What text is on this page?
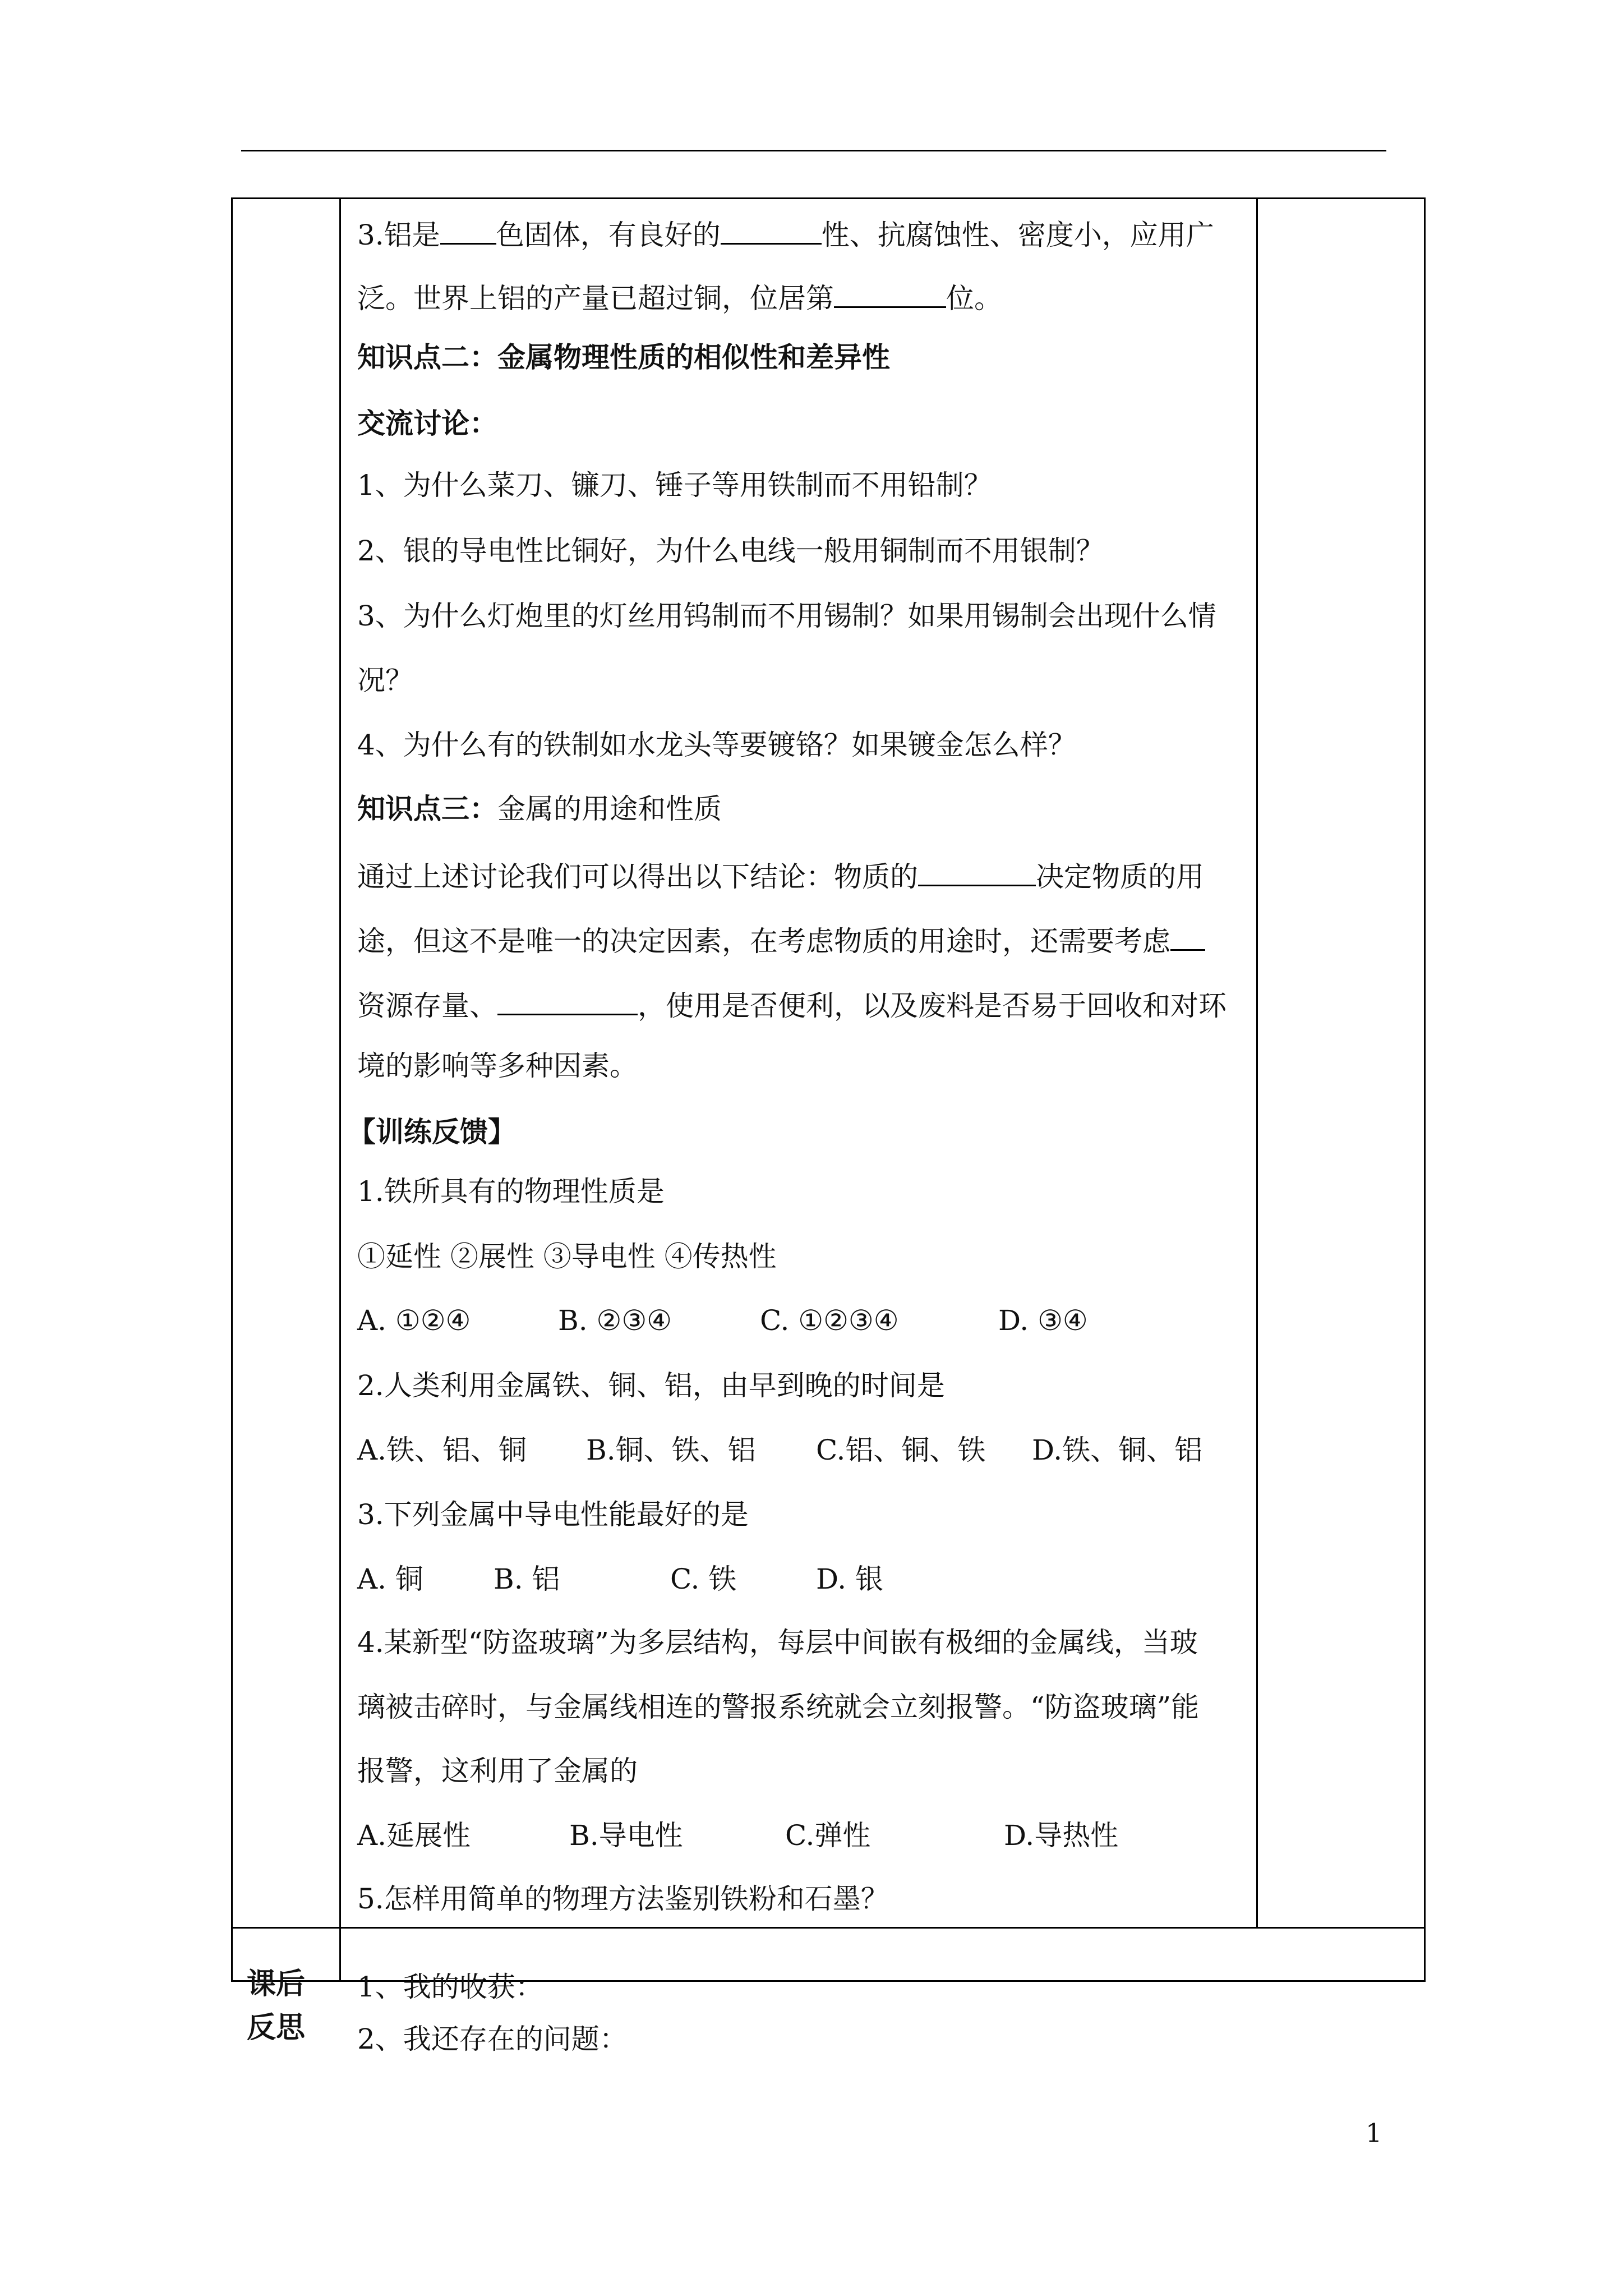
3.铝是 色固体，有良好的	性、抗腐蚀性、密度小，应用广
泛。世界上铝的产量已超过铜，位居第	位。
知识点二：金属物理性质的相似性和差异性
交流讨论：
1、为什么菜刀、镰刀、锤子等用铁制而不用铅制？
2、银的导电性比铜好，为什么电线一般用铜制而不用银制？
3、为什么灯炮里的灯丝用钨制而不用锡制？如果用锡制会出现什么情
况？
4、为什么有的铁制如水龙头等要镀铬？如果镀金怎么样？
知识点三：金属的用途和性质
通过上述讨论我们可以得出以下结论：物质的	决定物质的用
途，但这不是唯一的决定因素，在考虑物质的用途时，还需要考虑
资源存量、	，使用是否便利，以及废料是否易于回收和对环
境的影响等多种因素。
【训练反馈】
1.铁所具有的物理性质是
①延性 ②展性 ③导电性 ④传热性
A. ①②④	B. ②③④	C. ①②③④	D. ③④
2.人类利用金属铁、铜、铝，由早到晚的时间是
A.铁、铝、铜 B.铜、铁、铝 C.铝、铜、铁 D.铁、铜、铝
3.下列金属中导电性能最好的是
A. 铜	B. 铝	C. 铁	D. 银
4.某新型“防盗玻璃”为多层结构，每层中间嵌有极细的金属线，当玻
璃被击碎时，与金属线相连的警报系统就会立刻报警。“防盗玻璃”能
报警，这利用了金属的
A.延展性	B.导电性	C.弹性	D.导热性
5.怎样用简单的物理方法鉴别铁粉和石墨？
课后
反思
1、我的收获：
2、我还存在的问题：
1
